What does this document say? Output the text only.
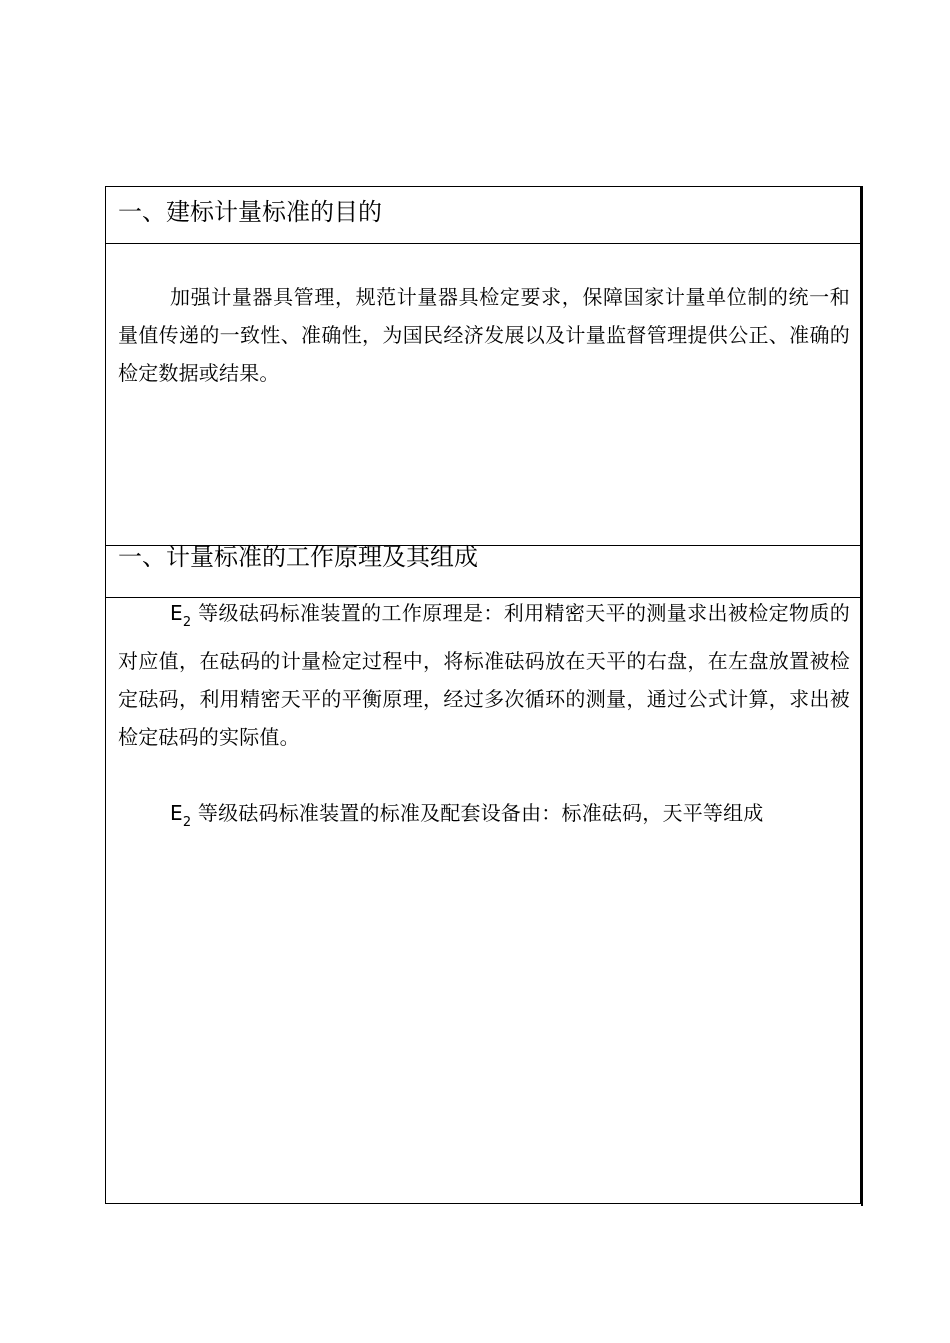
一、建标计量标准的目的

加强计量器具管理，规范计量器具检定要求，保障国家计量单位制的统一和量值传递的一致性、准确性，为国民经济发展以及计量监督管理提供公正、准确的检定数据或结果。

一、计量标准的工作原理及其组成

$E_2$ 等级砝码标准装置的工作原理是：利用精密天平的测量求出被检定物质的对应值，在砝码的计量检定过程中，将标准砝码放在天平的右盘，在左盘放置被检定砝码，利用精密天平的平衡原理，经过多次循环的测量，通过公式计算，求出被检定砝码的实际值。

$E_2$ 等级砝码标准装置的标准及配套设备由：标准砝码，天平等组成
